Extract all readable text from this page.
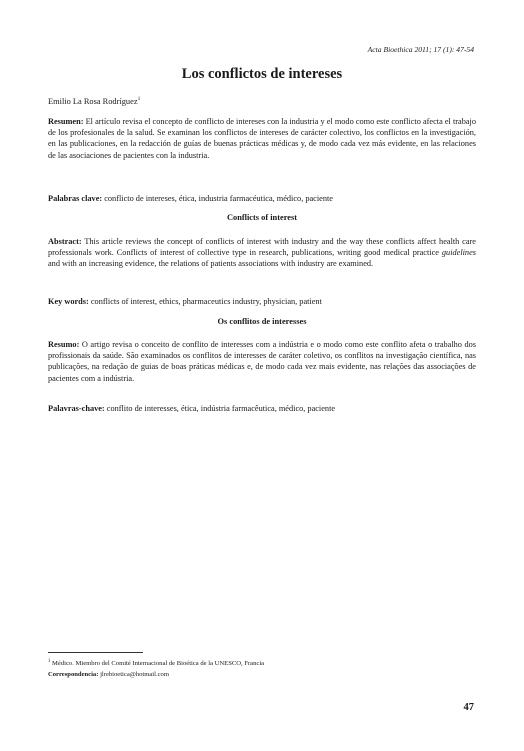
Acta Bioethica 2011; 17 (1): 47-54
Los conflictos de intereses
Emilio La Rosa Rodríguez$^1$
Resumen: El artículo revisa el concepto de conflicto de intereses con la industria y el modo como este conflicto afecta el trabajo de los profesionales de la salud. Se examinan los conflictos de intereses de carácter colectivo, los conflictos en la investigación, en las publicaciones, en la redacción de guías de buenas prácticas médicas y, de modo cada vez más evidente, en las relaciones de las asociaciones de pacientes con la industria.
Palabras clave: conflicto de intereses, ética, industria farmacéutica, médico, paciente
Conflicts of interest
Abstract: This article reviews the concept of conflicts of interest with industry and the way these conflicts affect health care professionals work. Conflicts of interest of collective type in research, publications, writing good medical practice guidelines and with an increasing evidence, the relations of patients associations with industry are examined.
Key words: conflicts of interest, ethics, pharmaceutics industry, physician, patient
Os conflitos de interesses
Resumo: O artigo revisa o conceito de conflito de interesses com a indústria e o modo como este conflito afeta o trabalho dos profissionais da saúde. São examinados os conflitos de interesses de caráter coletivo, os conflitos na investigação científica, nas publicações, na redação de guias de boas práticas médicas e, de modo cada vez mais evidente, nas relações das associações de pacientes com a indústria.
Palavras-chave: conflito de interesses, ética, indústria farmacêutica, médico, paciente
$^1$ Médico. Miembro del Comité Internacional de Bioética de la UNESCO, Francia
Correspondencia: jlrebioetica@hotmail.com
47
